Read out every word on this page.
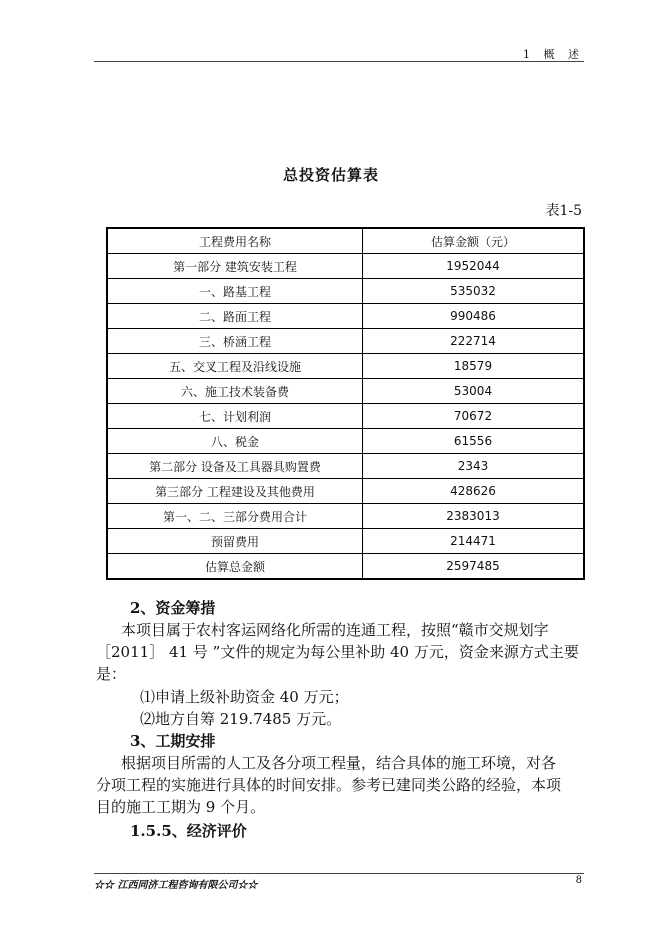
1 概 述
总投资估算表
表1-5
工程费用名称	估算金额（元）
第一部分 建筑安装工程	1952044
一、路基工程	535032
二、路面工程	990486
三、桥涵工程	222714
五、交叉工程及沿线设施	18579
六、施工技术装备费	53004
七、计划利润	70672
八、税金	61556
第二部分 设备及工具器具购置费	2343
第三部分 工程建设及其他费用	428626
第一、二、三部分费用合计	2383013
预留费用	214471
估算总金额	2597485
2、资金筹措
本项目属于农村客运网络化所需的连通工程，按照“赣市交规划字
［2011］ 41 号 ”文件的规定为每公里补助 40 万元，资金来源方式主要
是：
⑴申请上级补助资金 40 万元；
⑵地方自筹 219.7485 万元。
3、工期安排
根据项目所需的人工及各分项工程量，结合具体的施工环境，对各
分项工程的实施进行具体的时间安排。参考已建同类公路的经验，本项
目的施工工期为 9 个月。
1.5.5、经济评价
☆☆ 江西同济工程咨询有限公司☆☆	8
